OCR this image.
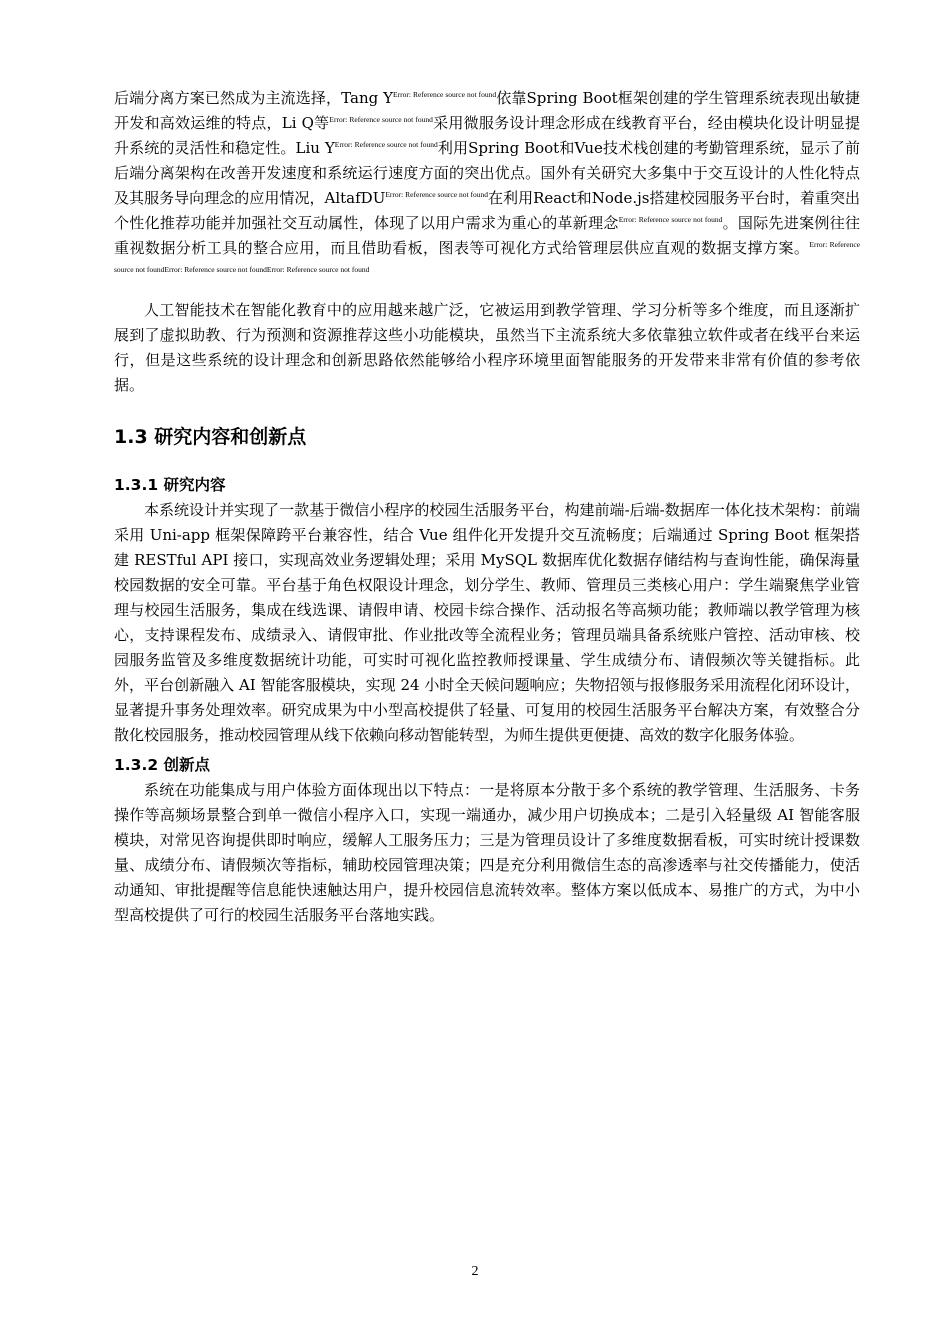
后端分离方案已然成为主流选择，Tang $Y^{Error: Reference source not found}$依靠Spring Boot框架创建的学生管理系统表现出敏捷开发和高效运维的特点，Li Q等$^{Error: Reference source not found}$采用微服务设计理念形成在线教育平台，经由模块化设计明显提升系统的灵活性和稳定性。Liu $Y^{Error: Reference source not found}$利用Spring Boot和Vue技术栈创建的考勤管理系统，显示了前后端分离架构在改善开发速度和系统运行速度方面的突出优点。国外有关研究大多集中于交互设计的人性化特点及其服务导向理念的应用情况，AltafDU$^{Error: Reference source not found}$在利用React和Node.js搭建校园服务平台时，着重突出个性化推荐功能并加强社交互动属性，体现了以用户需求为重心的革新理念$^{Error: Reference source not found}$。国际先进案例往往重视数据分析工具的整合应用，而且借助看板，图表等可视化方式给管理层供应直观的数据支撑方案。$^{Error: Reference source not foundError: Reference source not foundError: Reference source not found}$

人工智能技术在智能化教育中的应用越来越广泛，它被运用到教学管理、学习分析等多个维度，而且逐渐扩展到了虚拟助教、行为预测和资源推荐这些小功能模块，虽然当下主流系统大多依靠独立软件或者在线平台来运行，但是这些系统的设计理念和创新思路依然能够给小程序环境里面智能服务的开发带来非常有价值的参考依据。

1.3 研究内容和创新点
1.3.1 研究内容

本系统设计并实现了一款基于微信小程序的校园生活服务平台，构建前端-后端-数据库一体化技术架构：前端采用 Uni-app 框架保障跨平台兼容性，结合 Vue 组件化开发提升交互流畅度；后端通过 Spring Boot 框架搭建 RESTful API 接口，实现高效业务逻辑处理；采用 MySQL 数据库优化数据存储结构与查询性能，确保海量校园数据的安全可靠。平台基于角色权限设计理念，划分学生、教师、管理员三类核心用户：学生端聚焦学业管理与校园生活服务，集成在线选课、请假申请、校园卡综合操作、活动报名等高频功能；教师端以教学管理为核心，支持课程发布、成绩录入、请假审批、作业批改等全流程业务；管理员端具备系统账户管控、活动审核、校园服务监管及多维度数据统计功能，可实时可视化监控教师授课量、学生成绩分布、请假频次等关键指标。此外，平台创新融入 AI 智能客服模块，实现 24 小时全天候问题响应；失物招领与报修服务采用流程化闭环设计，显著提升事务处理效率。研究成果为中小型高校提供了轻量、可复用的校园生活服务平台解决方案，有效整合分散化校园服务，推动校园管理从线下依赖向移动智能转型，为师生提供更便捷、高效的数字化服务体验。

1.3.2 创新点

系统在功能集成与用户体验方面体现出以下特点：一是将原本分散于多个系统的教学管理、生活服务、卡务操作等高频场景整合到单一微信小程序入口，实现一端通办，减少用户切换成本；二是引入轻量级 AI 智能客服模块，对常见咨询提供即时响应，缓解人工服务压力；三是为管理员设计了多维度数据看板，可实时统计授课数量、成绩分布、请假频次等指标，辅助校园管理决策；四是充分利用微信生态的高渗透率与社交传播能力，使活动通知、审批提醒等信息能快速触达用户，提升校园信息流转效率。整体方案以低成本、易推广的方式，为中小型高校提供了可行的校园生活服务平台落地实践。

2
